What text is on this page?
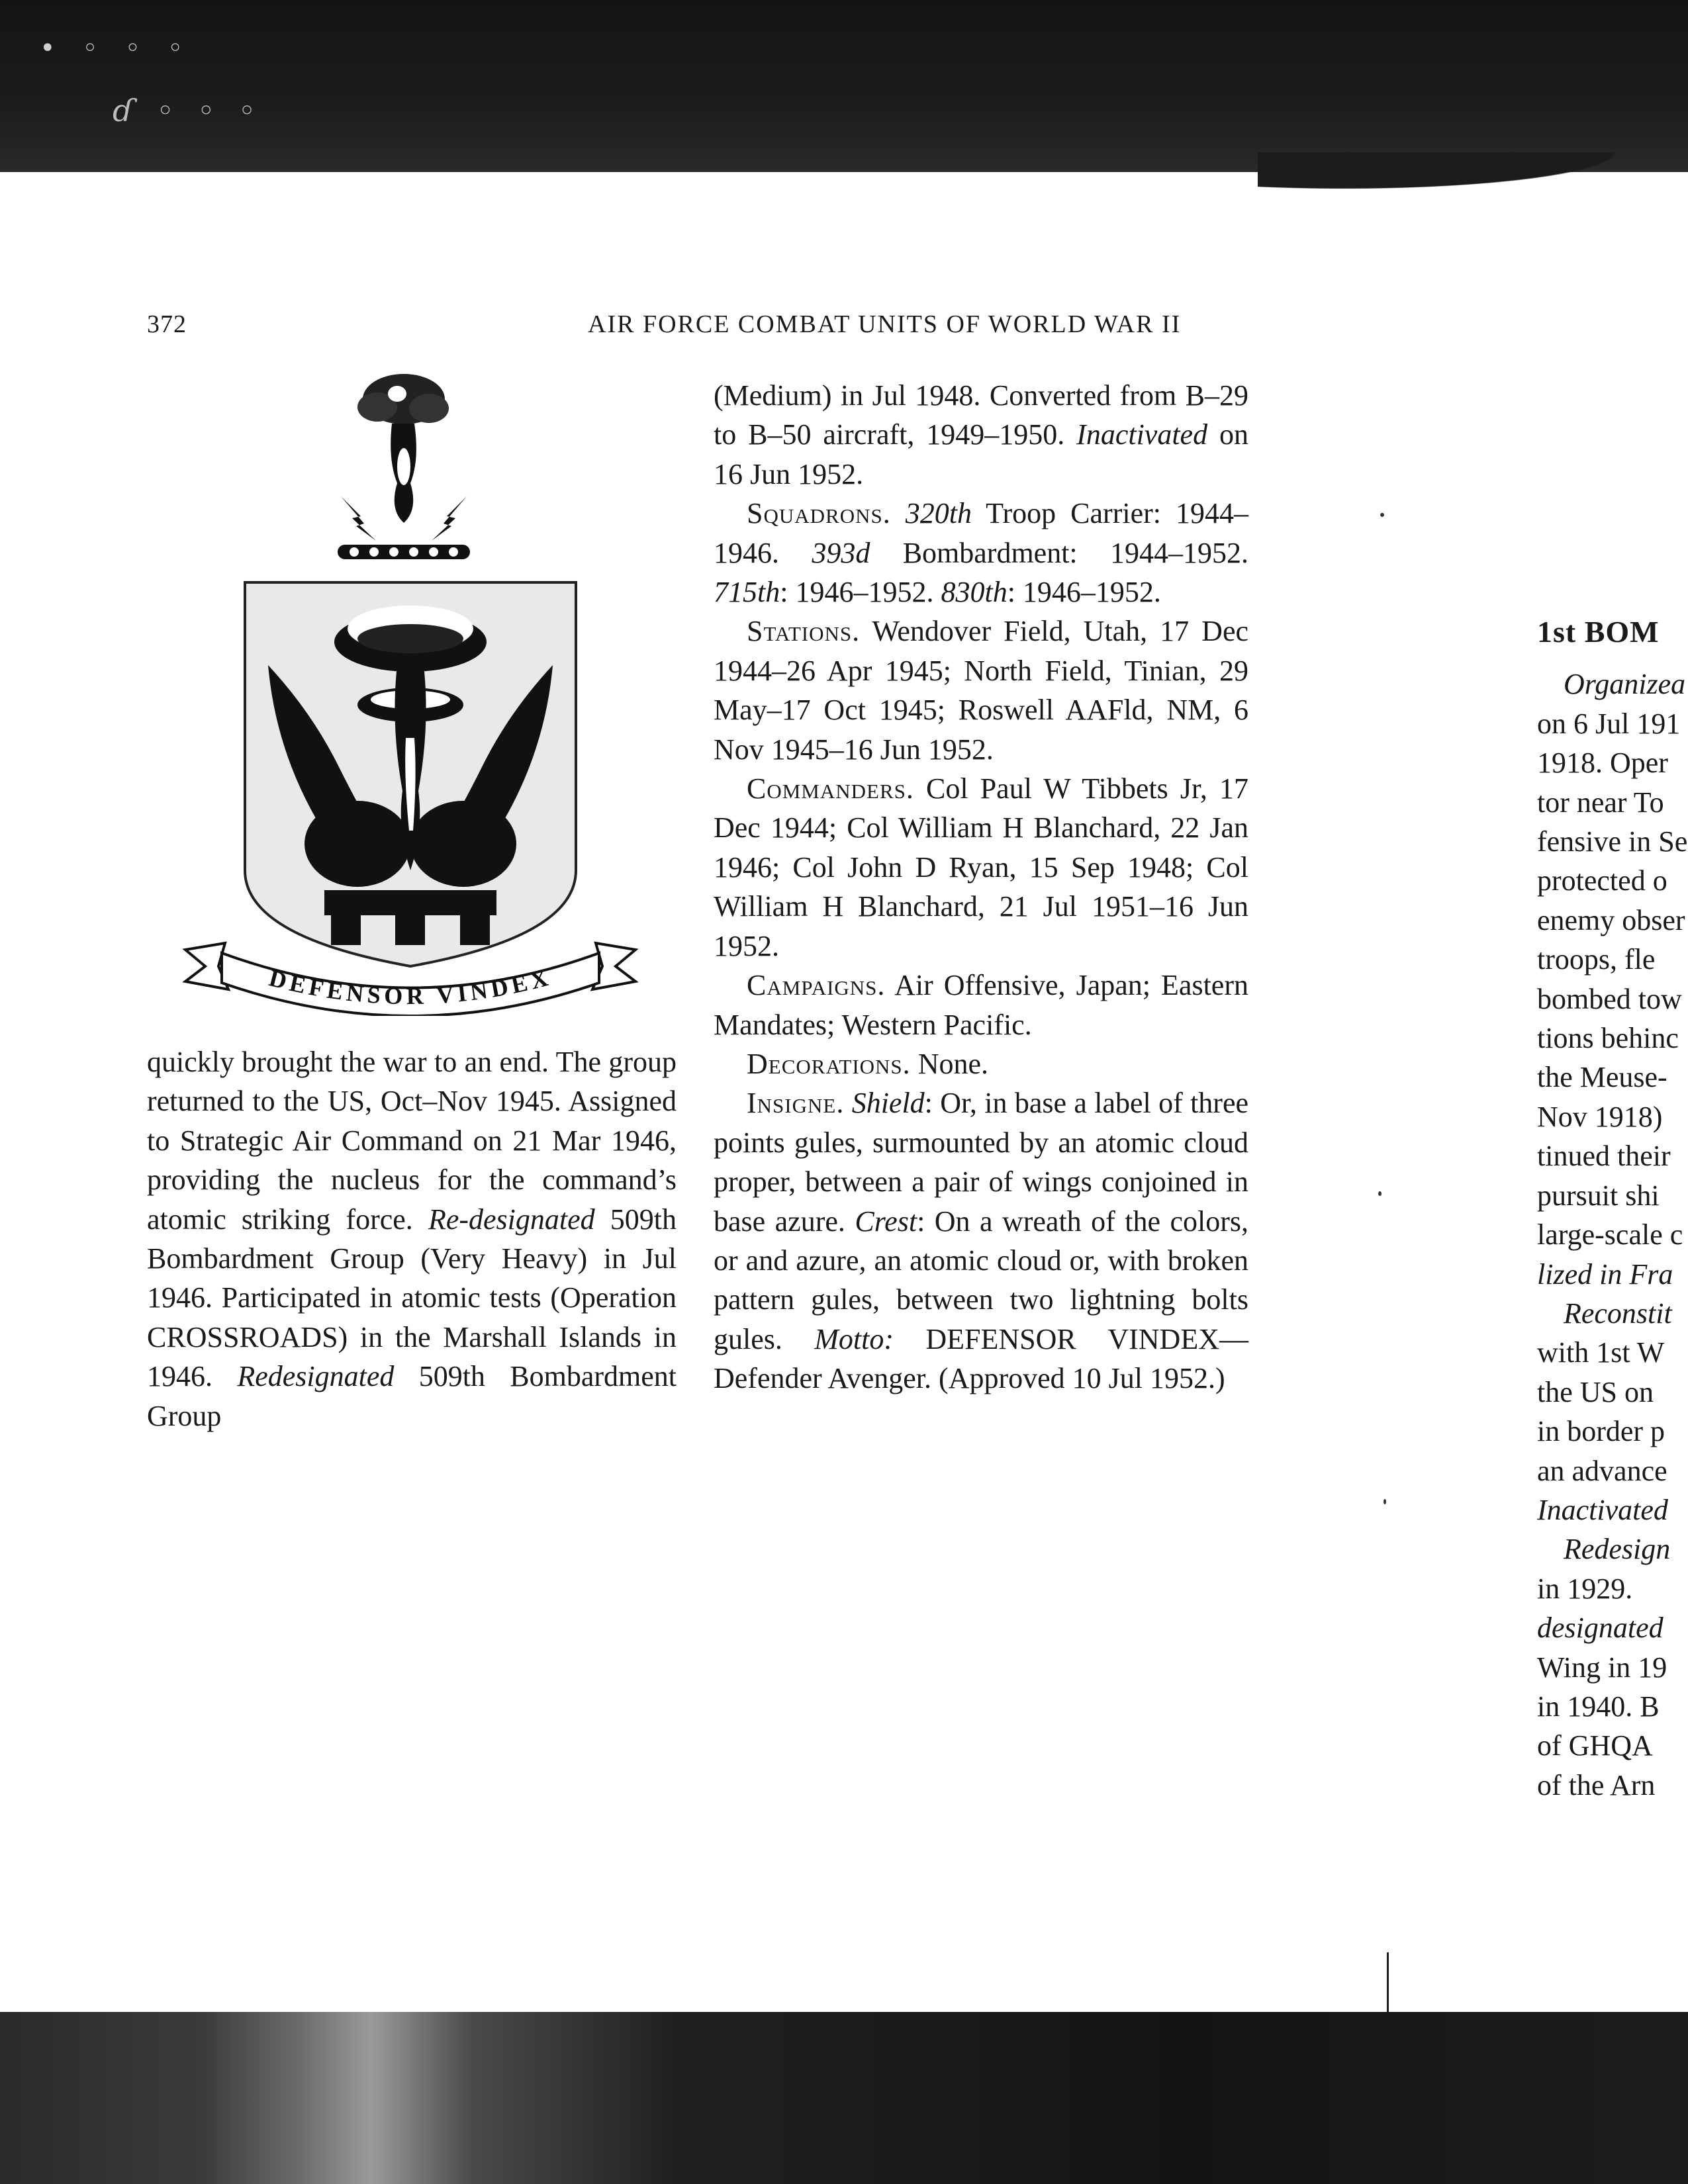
• ◦ ◦ ◦
ɗ ◦ ◦ ◦
372	AIR FORCE COMBAT UNITS OF WORLD WAR II
DEFENSOR VINDEX

quickly brought the war to an end. The group returned to the US, Oct–Nov 1945. Assigned to Strategic Air Command on 21 Mar 1946, providing the nucleus for the command’s atomic striking force. Re-designated 509th Bombardment Group (Very Heavy) in Jul 1946. Participated in atomic tests (Operation CROSSROADS) in the Marshall Islands in 1946. Redesignated 509th Bombardment Group

(Medium) in Jul 1948. Converted from B–29 to B–50 aircraft, 1949–1950. Inactivated on 16 Jun 1952.

Squadrons. 320th Troop Carrier: 1944–1946. 393d Bombardment: 1944–1952. 715th: 1946–1952. 830th: 1946–1952.

Stations. Wendover Field, Utah, 17 Dec 1944–26 Apr 1945; North Field, Tinian, 29 May–17 Oct 1945; Roswell AAFld, NM, 6 Nov 1945–16 Jun 1952.

Commanders. Col Paul W Tibbets Jr, 17 Dec 1944; Col William H Blanchard, 22 Jan 1946; Col John D Ryan, 15 Sep 1948; Col William H Blanchard, 21 Jul 1951–16 Jun 1952.

Campaigns. Air Offensive, Japan; Eastern Mandates; Western Pacific.

Decorations. None.

Insigne. Shield: Or, in base a label of three points gules, surmounted by an atomic cloud proper, between a pair of wings conjoined in base azure. Crest: On a wreath of the colors, or and azure, an atomic cloud or, with broken pattern gules, between two lightning bolts gules. Motto: DEFENSOR VINDEX—Defender Avenger. (Approved 10 Jul 1952.)

1st BOM
Organizea
on 6 Jul 191
1918. Oper
tor near To
fensive in Se
protected o
enemy obser
troops, fle
bombed tow
tions behinc
the Meuse-
Nov 1918)
tinued their
pursuit shi
large-scale c
lized in Fra
Reconstit
with 1st W
the US on
in border p
an advance
Inactivated
Redesign
in 1929.
designated
Wing in 19
in 1940. B
of GHQA
of the Arn
